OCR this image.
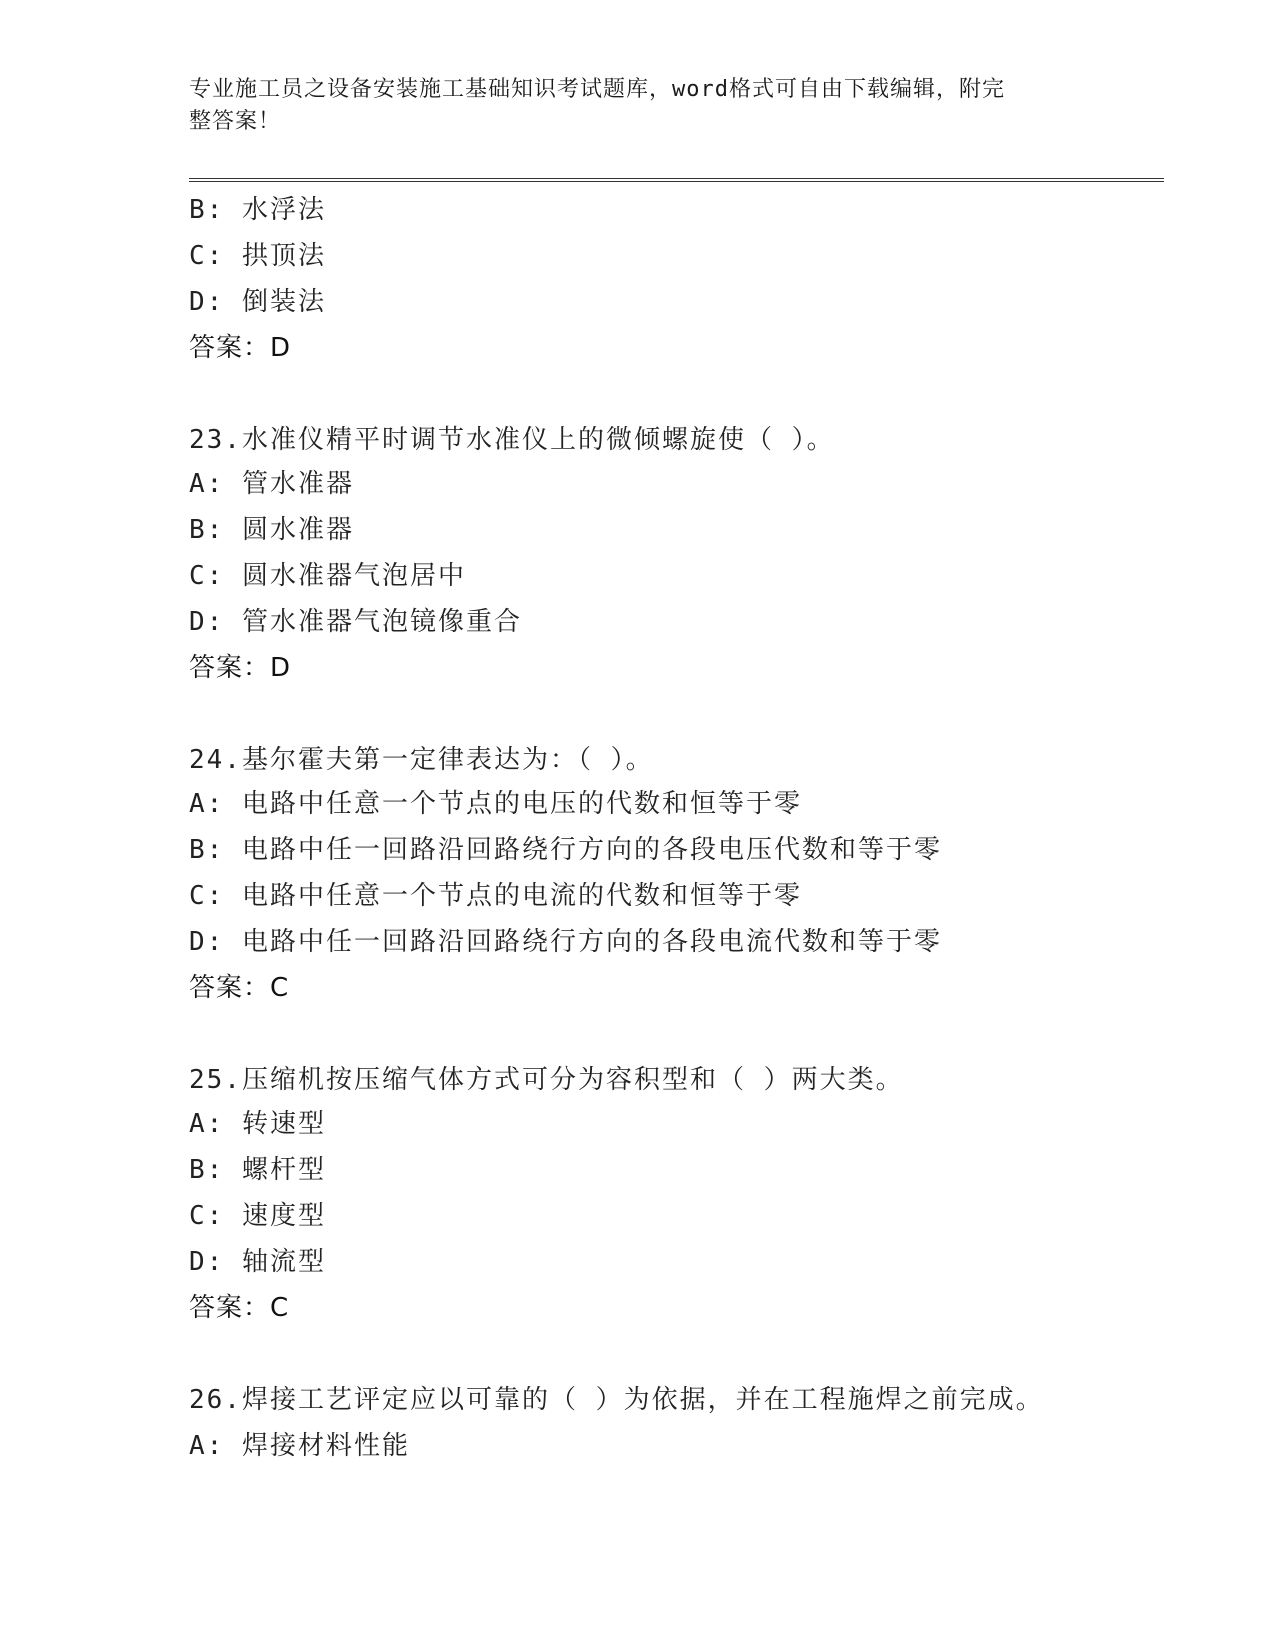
专业施工员之设备安装施工基础知识考试题库，word格式可自由下载编辑，附完
整答案！
B: 水浮法
C: 拱顶法
D: 倒装法
答案：D
23.水准仪精平时调节水准仪上的微倾螺旋使（ ）。
A: 管水准器
B: 圆水准器
C: 圆水准器气泡居中
D: 管水准器气泡镜像重合
答案：D
24.基尔霍夫第一定律表达为：（ ）。
A: 电路中任意一个节点的电压的代数和恒等于零
B: 电路中任一回路沿回路绕行方向的各段电压代数和等于零
C: 电路中任意一个节点的电流的代数和恒等于零
D: 电路中任一回路沿回路绕行方向的各段电流代数和等于零
答案：C
25.压缩机按压缩气体方式可分为容积型和（ ）两大类。
A: 转速型
B: 螺杆型
C: 速度型
D: 轴流型
答案：C
26.焊接工艺评定应以可靠的（ ）为依据，并在工程施焊之前完成。
A: 焊接材料性能
